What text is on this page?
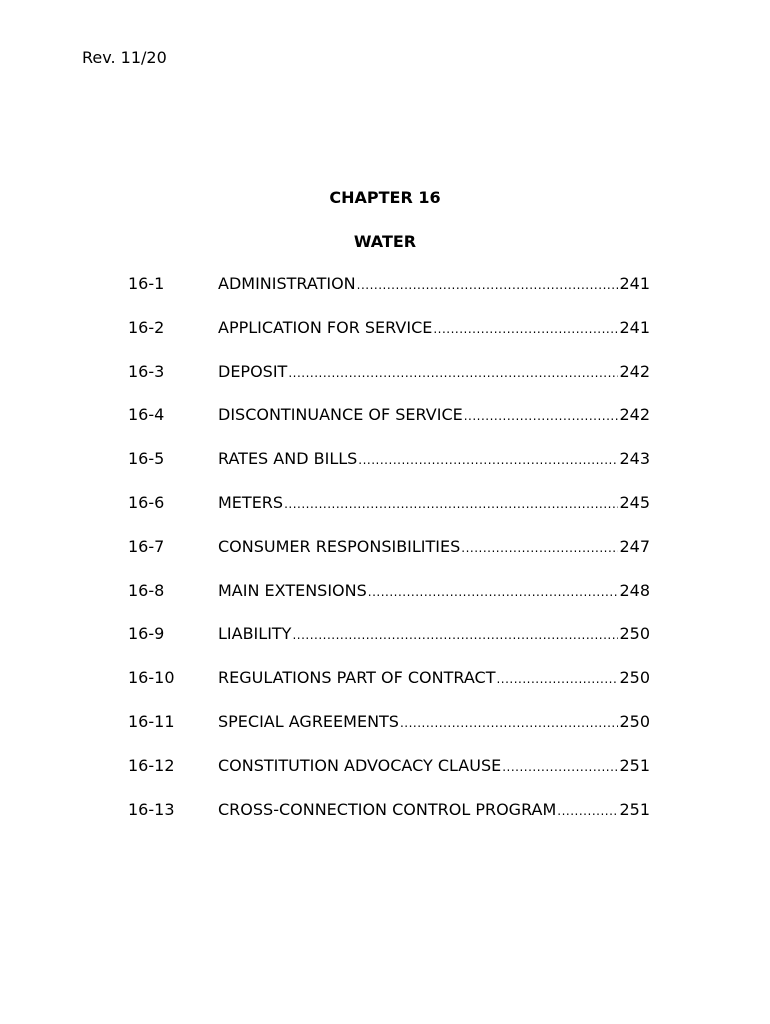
Rev. 11/20
CHAPTER 16
WATER
16-1	ADMINISTRATION .....	241
16-2	APPLICATION FOR SERVICE .....	241
16-3	DEPOSIT .....	242
16-4	DISCONTINUANCE OF SERVICE .....	242
16-5	RATES AND BILLS .....	243
16-6	METERS .....	245
16-7	CONSUMER RESPONSIBILITIES .....	247
16-8	MAIN EXTENSIONS .....	248
16-9	LIABILITY .....	250
16-10	REGULATIONS PART OF CONTRACT .....	250
16-11	SPECIAL AGREEMENTS .....	250
16-12	CONSTITUTION ADVOCACY CLAUSE .....	251
16-13	CROSS-CONNECTION CONTROL PROGRAM .....	251
